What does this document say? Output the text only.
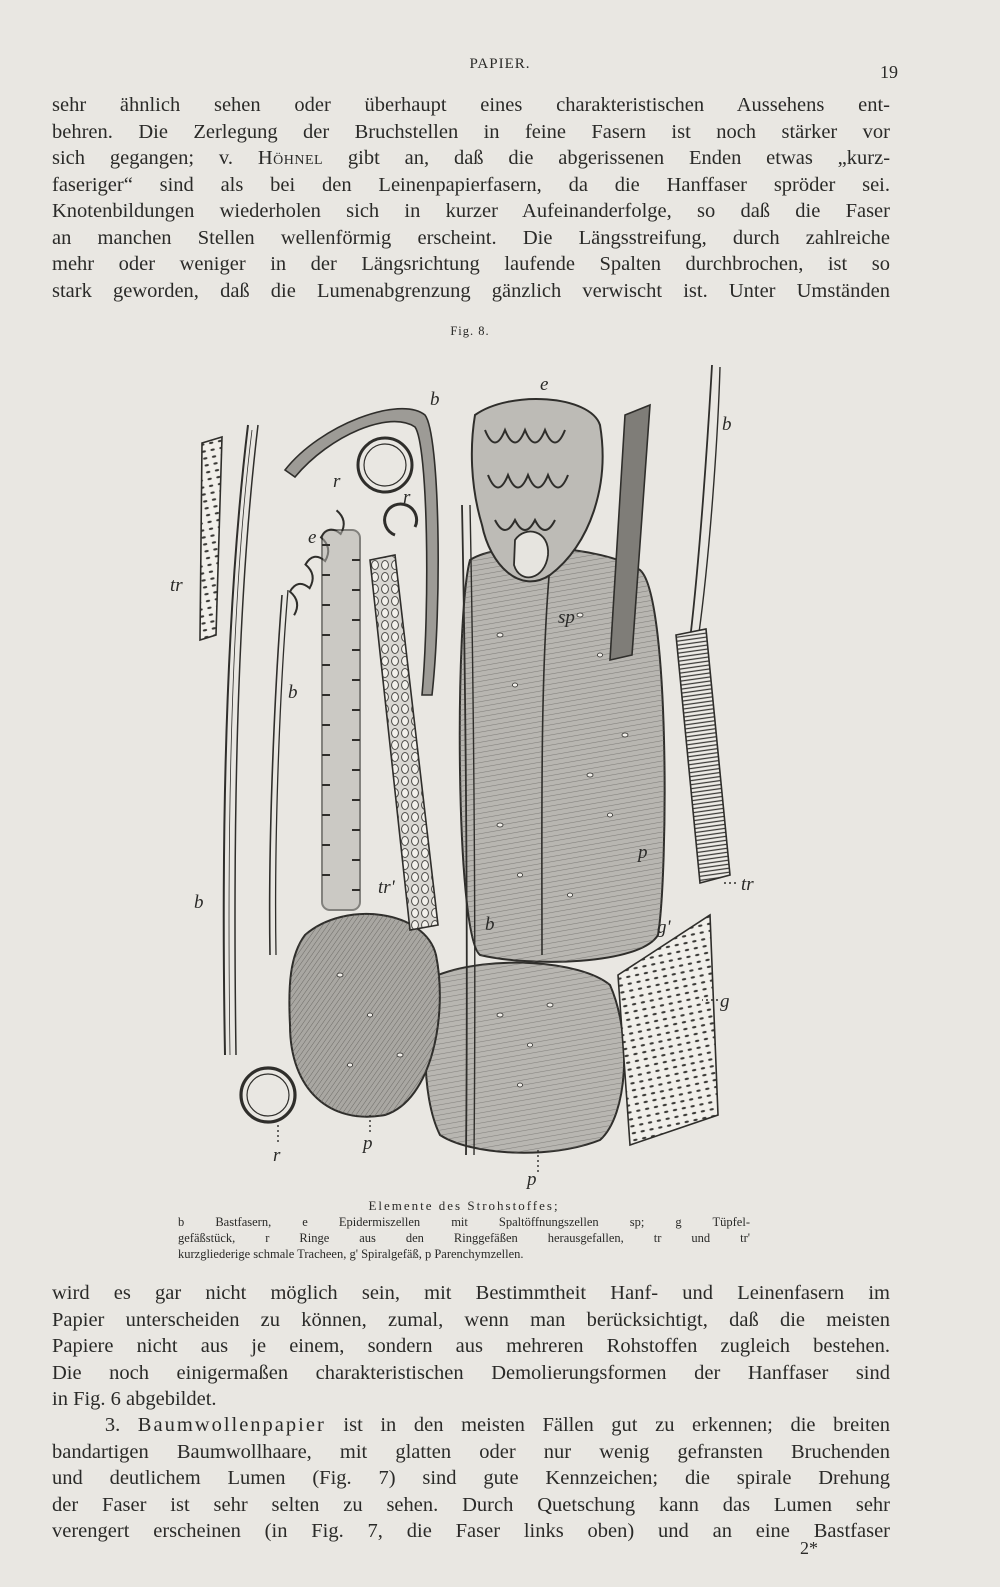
PAPIER.	19
sehr ähnlich sehen oder überhaupt eines charakteristischen Aussehens ent-
behren. Die Zerlegung der Bruchstellen in feine Fasern ist noch stärker vor
sich gegangen; v. Höhnel gibt an, daß die abgerissenen Enden etwas „kurz-
faseriger“ sind als bei den Leinenpapierfasern, da die Hanffaser spröder sei.
Knotenbildungen wiederholen sich in kurzer Aufeinanderfolge, so daß die Faser
an manchen Stellen wellenförmig erscheint. Die Längsstreifung, durch zahlreiche
mehr oder weniger in der Längsrichtung laufende Spalten durchbrochen, ist so
stark geworden, daß die Lumenabgrenzung gänzlich verwischt ist. Unter Umständen
Fig. 8.
e
b
b
r
r
e
tr
sp
b
p
b
tr'	tr
b	g'
g
p
r
p
Elemente des Strohstoffes;
b Bastfasern, e Epidermiszellen mit Spaltöffnungszellen sp; g Tüpfel-
gefäßstück, r Ringe aus den Ringgefäßen herausgefallen, tr und tr'
kurzgliederige schmale Tracheen, g' Spiralgefäß, p Parenchymzellen.
wird es gar nicht möglich sein, mit Bestimmtheit Hanf- und Leinenfasern im
Papier unterscheiden zu können, zumal, wenn man berücksichtigt, daß die meisten
Papiere nicht aus je einem, sondern aus mehreren Rohstoffen zugleich bestehen.
Die noch einigermaßen charakteristischen Demolierungsformen der Hanffaser sind
in Fig. 6 abgebildet.
3. Baumwollenpapier ist in den meisten Fällen gut zu erkennen; die breiten
bandartigen Baumwollhaare, mit glatten oder nur wenig gefransten Bruchenden
und deutlichem Lumen (Fig. 7) sind gute Kennzeichen; die spirale Drehung
der Faser ist sehr selten zu sehen. Durch Quetschung kann das Lumen sehr
verengert erscheinen (in Fig. 7, die Faser links oben) und an eine Bastfaser
2*
